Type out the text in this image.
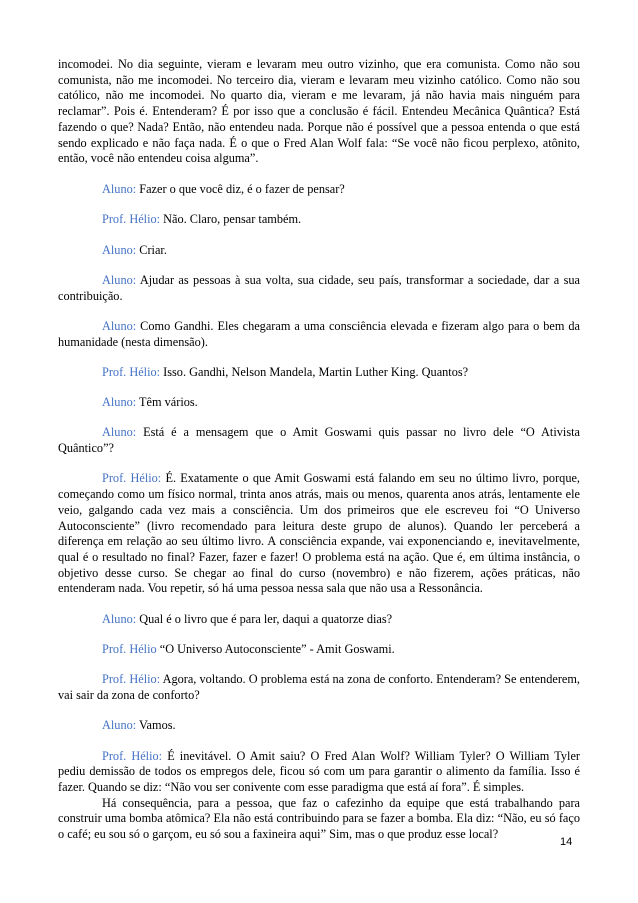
incomodei. No dia seguinte, vieram e levaram meu outro vizinho, que era comunista. Como não sou comunista, não me incomodei. No terceiro dia, vieram e levaram meu vizinho católico. Como não sou católico, não me incomodei. No quarto dia, vieram e me levaram, já não havia mais ninguém para reclamar”. Pois é. Entenderam? É por isso que a conclusão é fácil. Entendeu Mecânica Quântica? Está fazendo o que? Nada? Então, não entendeu nada. Porque não é possível que a pessoa entenda o que está sendo explicado e não faça nada. É o que o Fred Alan Wolf fala: “Se você não ficou perplexo, atônito, então, você não entendeu coisa alguma”.

Aluno: Fazer o que você diz, é o fazer de pensar?

Prof. Hélio: Não. Claro, pensar também.

Aluno: Criar.

Aluno: Ajudar as pessoas à sua volta, sua cidade, seu país, transformar a sociedade, dar a sua contribuição.

Aluno: Como Gandhi. Eles chegaram a uma consciência elevada e fizeram algo para o bem da humanidade (nesta dimensão).

Prof. Hélio: Isso. Gandhi, Nelson Mandela, Martin Luther King. Quantos?

Aluno: Têm vários.

Aluno: Está é a mensagem que o Amit Goswami quis passar no livro dele “O Ativista Quântico”?

Prof. Hélio: É. Exatamente o que Amit Goswami está falando em seu no último livro, porque, começando como um físico normal, trinta anos atrás, mais ou menos, quarenta anos atrás, lentamente ele veio, galgando cada vez mais a consciência. Um dos primeiros que ele escreveu foi “O Universo Autoconsciente” (livro recomendado para leitura deste grupo de alunos). Quando ler perceberá a diferença em relação ao seu último livro. A consciência expande, vai exponenciando e, inevitavelmente, qual é o resultado no final? Fazer, fazer e fazer! O problema está na ação. Que é, em última instância, o objetivo desse curso. Se chegar ao final do curso (novembro) e não fizerem, ações práticas, não entenderam nada. Vou repetir, só há uma pessoa nessa sala que não usa a Ressonância.

Aluno: Qual é o livro que é para ler, daqui a quatorze dias?

Prof. Hélio “O Universo Autoconsciente” - Amit Goswami.

Prof. Hélio: Agora, voltando. O problema está na zona de conforto. Entenderam? Se entenderem, vai sair da zona de conforto?

Aluno: Vamos.

Prof. Hélio: É inevitável. O Amit saiu? O Fred Alan Wolf? William Tyler? O William Tyler pediu demissão de todos os empregos dele, ficou só com um para garantir o alimento da família. Isso é fazer. Quando se diz: “Não vou ser conivente com esse paradigma que está aí fora”. É simples.

Há consequência, para a pessoa, que faz o cafezinho da equipe que está trabalhando para construir uma bomba atômica? Ela não está contribuindo para se fazer a bomba. Ela diz: “Não, eu só faço o café; eu sou só o garçom, eu só sou a faxineira aqui” Sim, mas o que produz esse local?

14
